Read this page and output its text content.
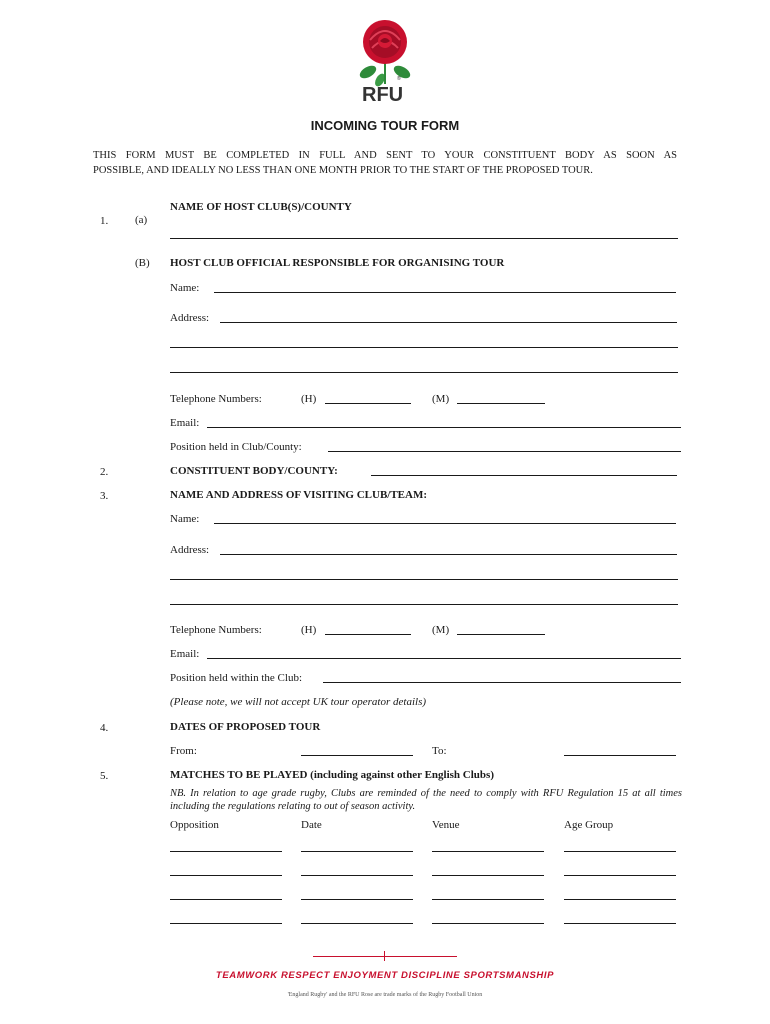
®
RFU
INCOMING TOUR FORM
THIS FORM MUST BE COMPLETED IN FULL AND SENT TO YOUR CONSTITUENT BODY AS SOON AS
POSSIBLE, AND IDEALLY NO LESS THAN ONE MONTH PRIOR TO THE START OF THE PROPOSED TOUR.
1. (a)
NAME OF HOST CLUB(S)/COUNTY
(B) HOST CLUB OFFICIAL RESPONSIBLE FOR ORGANISING TOUR
Name:
Address:
Telephone Numbers:	(H)	(M)
Email:
Position held in Club/County:
2.	CONSTITUENT BODY/COUNTY:
3.	NAME AND ADDRESS OF VISITING CLUB/TEAM:
Name:
Address:
Telephone Numbers:	(H)	(M)
Email:
Position held within the Club:
(Please note, we will not accept UK tour operator details)
4.	DATES OF PROPOSED TOUR
From:	To:
5.	MATCHES TO BE PLAYED (including against other English Clubs)
NB. In relation to age grade rugby, Clubs are reminded of the need to comply with RFU Regulation 15 at all times including the regulations relating to out of season activity.
Opposition	Date	Venue	Age Group
TEAMWORK RESPECT ENJOYMENT DISCIPLINE SPORTSMANSHIP
'England Rugby' and the RFU Rose are trade marks of the Rugby Football Union
